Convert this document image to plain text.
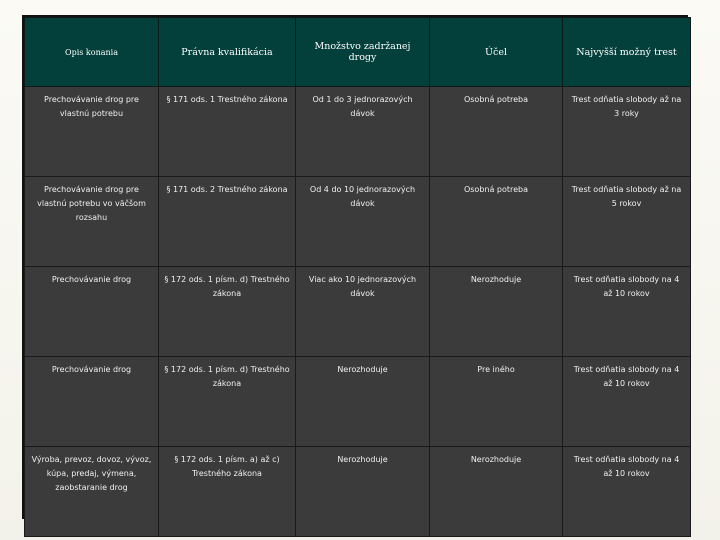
Opis konania	Právna kvalifikácia	Množstvo zadržanej drogy	Účel	Najvyšší možný trest
Prechovávanie drog pre vlastnú potrebu	§ 171 ods. 1 Trestného zákona	Od 1 do 3 jednorazových dávok	Osobná potreba	Trest odňatia slobody až na 3 roky
Prechovávanie drog pre vlastnú potrebu vo väčšom rozsahu	§ 171 ods. 2 Trestného zákona	Od 4 do 10 jednorazových dávok	Osobná potreba	Trest odňatia slobody až na 5 rokov
Prechovávanie drog	§ 172 ods. 1 písm. d) Trestného zákona	Viac ako 10 jednorazových dávok	Nerozhoduje	Trest odňatia slobody na 4 až 10 rokov
Prechovávanie drog	§ 172 ods. 1 písm. d) Trestného zákona	Nerozhoduje	Pre iného	Trest odňatia slobody na 4 až 10 rokov
Výroba, prevoz, dovoz, vývoz, kúpa, predaj, výmena, zaobstaranie drog	§ 172 ods. 1 písm. a) až c) Trestného zákona	Nerozhoduje	Nerozhoduje	Trest odňatia slobody na 4 až 10 rokov
